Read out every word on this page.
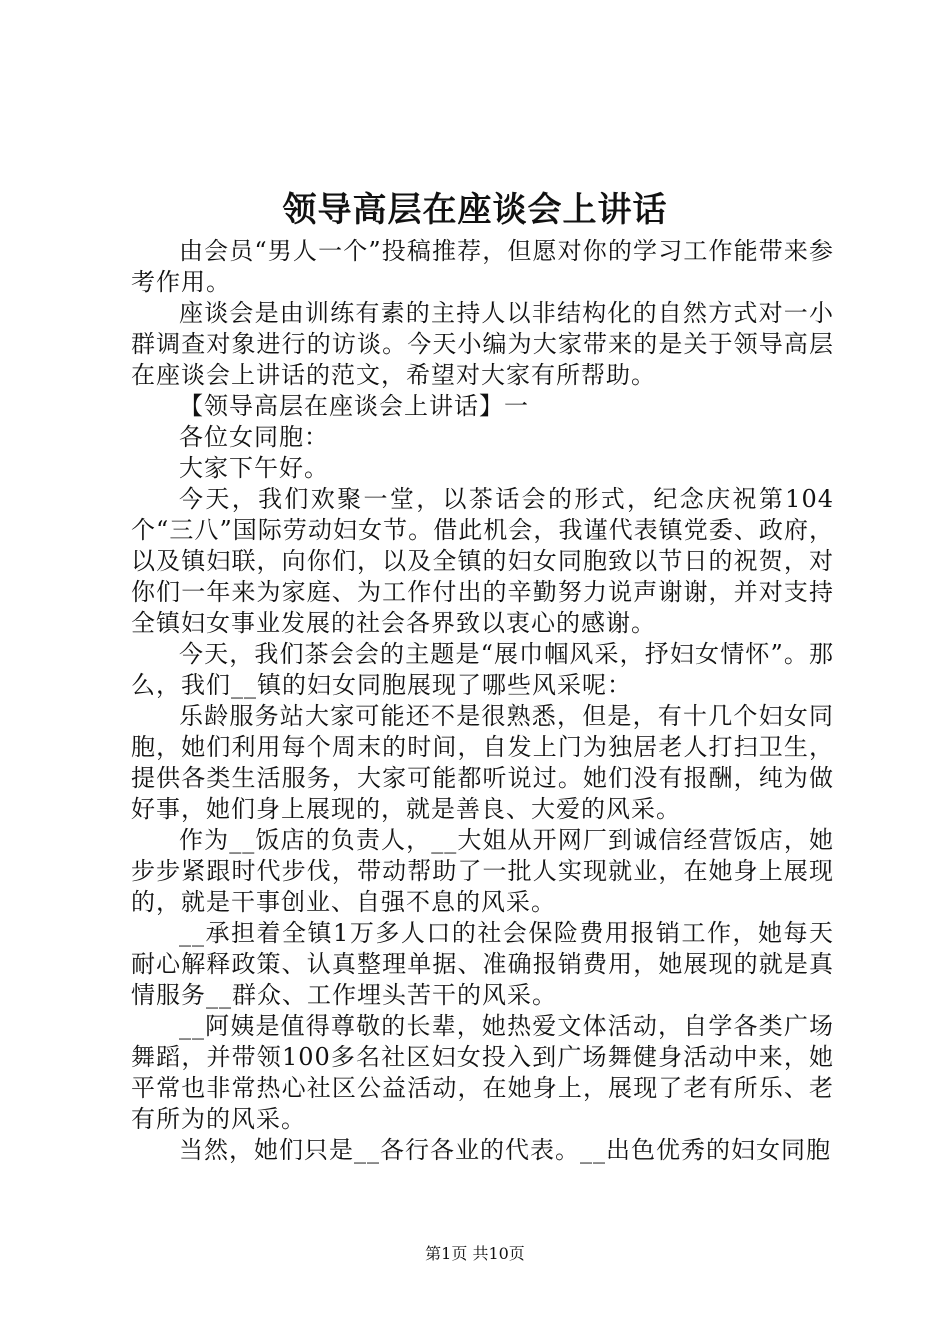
领导高层在座谈会上讲话

由会员“男人一个”投稿推荐，但愿对你的学习工作能带来参考作用。

座谈会是由训练有素的主持人以非结构化的自然方式对一小群调查对象进行的访谈。今天小编为大家带来的是关于领导高层在座谈会上讲话的范文，希望对大家有所帮助。

【领导高层在座谈会上讲话】一

各位女同胞：

大家下午好。

今天，我们欢聚一堂，以茶话会的形式，纪念庆祝第104个“三八”国际劳动妇女节。借此机会，我谨代表镇党委、政府，以及镇妇联，向你们，以及全镇的妇女同胞致以节日的祝贺，对你们一年来为家庭、为工作付出的辛勤努力说声谢谢，并对支持全镇妇女事业发展的社会各界致以衷心的感谢。

今天，我们茶会会的主题是“展巾帼风采，抒妇女情怀”。那么，我们__镇的妇女同胞展现了哪些风采呢：

乐龄服务站大家可能还不是很熟悉，但是，有十几个妇女同胞，她们利用每个周末的时间，自发上门为独居老人打扫卫生，提供各类生活服务，大家可能都听说过。她们没有报酬，纯为做好事，她们身上展现的，就是善良、大爱的风采。

作为__饭店的负责人，__大姐从开网厂到诚信经营饭店，她步步紧跟时代步伐，带动帮助了一批人实现就业，在她身上展现的，就是干事创业、自强不息的风采。

__承担着全镇1万多人口的社会保险费用报销工作，她每天耐心解释政策、认真整理单据、准确报销费用，她展现的就是真情服务__群众、工作埋头苦干的风采。

__阿姨是值得尊敬的长辈，她热爱文体活动，自学各类广场舞蹈，并带领100多名社区妇女投入到广场舞健身活动中来，她平常也非常热心社区公益活动，在她身上，展现了老有所乐、老有所为的风采。

当然，她们只是__各行各业的代表。__出色优秀的妇女同胞

第1页 共10页
